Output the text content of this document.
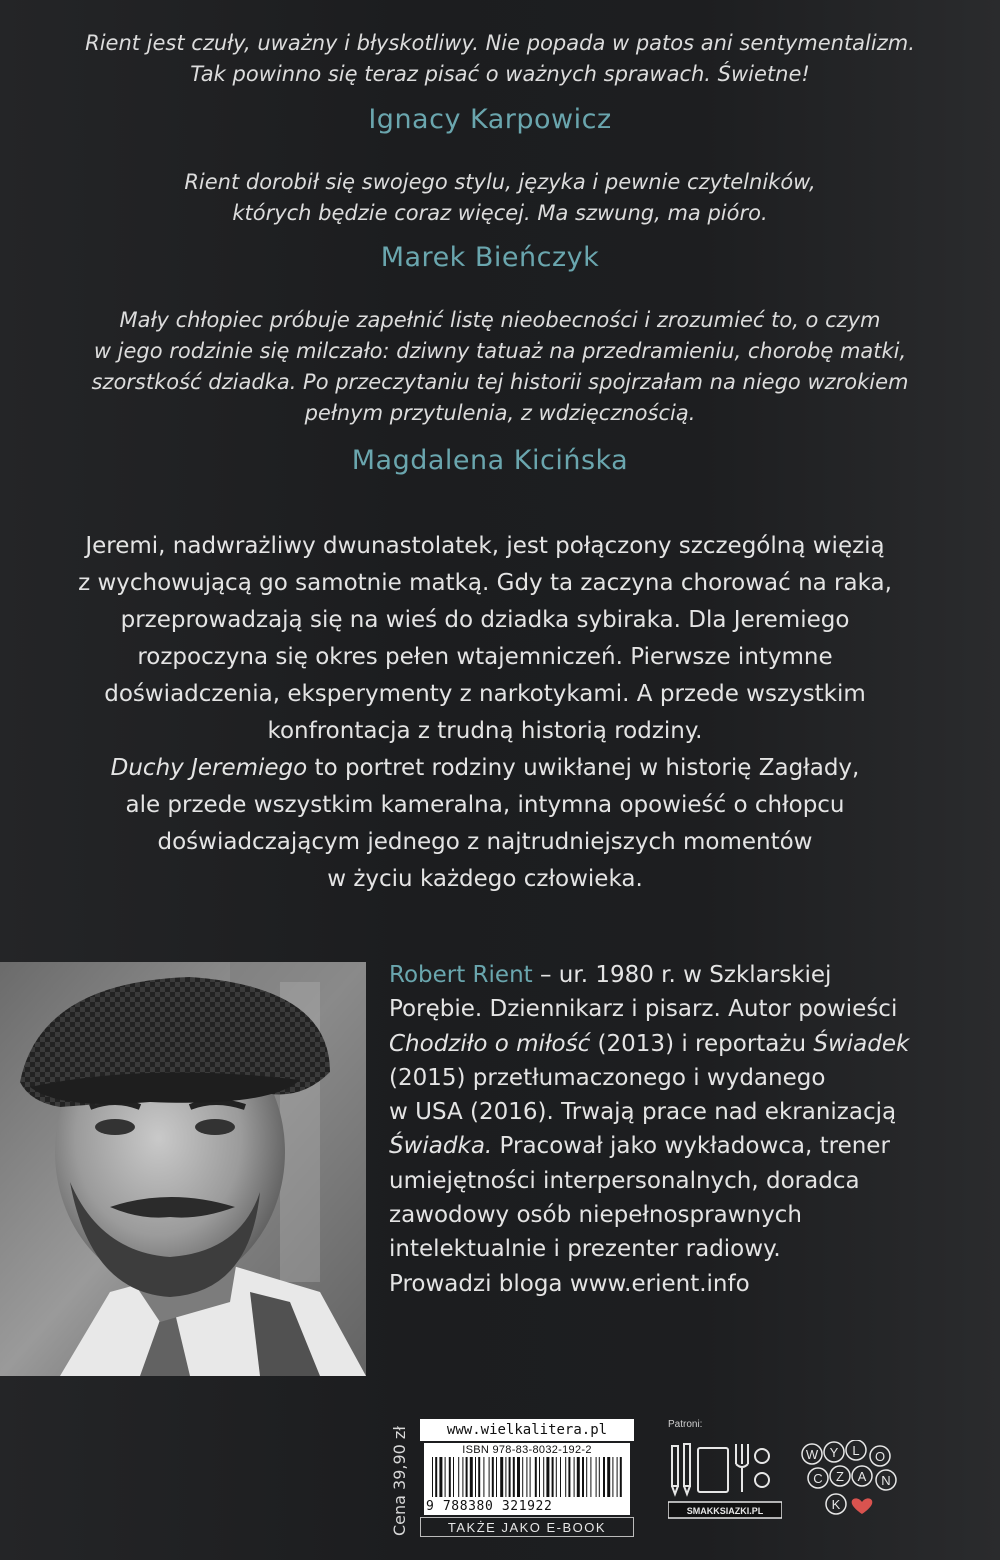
Rient jest czuły, uważny i błyskotliwy. Nie popada w patos ani sentymentalizm.

Tak powinno się teraz pisać o ważnych sprawach. Świetne!

Ignacy Karpowicz

Rient dorobił się swojego stylu, języka i pewnie czytelników,

których będzie coraz więcej. Ma szwung, ma pióro.

Marek Bieńczyk

Mały chłopiec próbuje zapełnić listę nieobecności i zrozumieć to, o czym

w jego rodzinie się milczało: dziwny tatuaż na przedramieniu, chorobę matki,

szorstkość dziadka. Po przeczytaniu tej historii spojrzałam na niego wzrokiem

pełnym przytulenia, z wdzięcznością.

Magdalena Kicińska

Jeremi, nadwrażliwy dwunastolatek, jest połączony szczególną więzią

z wychowującą go samotnie matką. Gdy ta zaczyna chorować na raka,

przeprowadzają się na wieś do dziadka sybiraka. Dla Jeremiego

rozpoczyna się okres pełen wtajemniczeń. Pierwsze intymne

doświadczenia, eksperymenty z narkotykami. A przede wszystkim

konfrontacja z trudną historią rodziny.

Duchy Jeremiego to portret rodziny uwikłanej w historię Zagłady,

ale przede wszystkim kameralna, intymna opowieść o chłopcu

doświadczającym jednego z najtrudniejszych momentów

w życiu każdego człowieka.

Robert Rient – ur. 1980 r. w Szklarskiej

Porębie. Dziennikarz i pisarz. Autor powieści

Chodziło o miłość (2013) i reportażu Świadek

(2015) przetłumaczonego i wydanego

w USA (2016). Trwają prace nad ekranizacją

Świadka. Pracował jako wykładowca, trener

umiejętności interpersonalnych, doradca

zawodowy osób niepełnosprawnych

intelektualnie i prezenter radiowy.

Prowadzi bloga www.erient.info

Cena 39,90 zł	www.wielkalitera.pl
ISBN 978-83-8032-192-2
9 788380 321922
TAKŻE JAKO E-BOOK
Patroni:
SMAKKSIAZKI.PL
W Y L O
C Z A N
K
